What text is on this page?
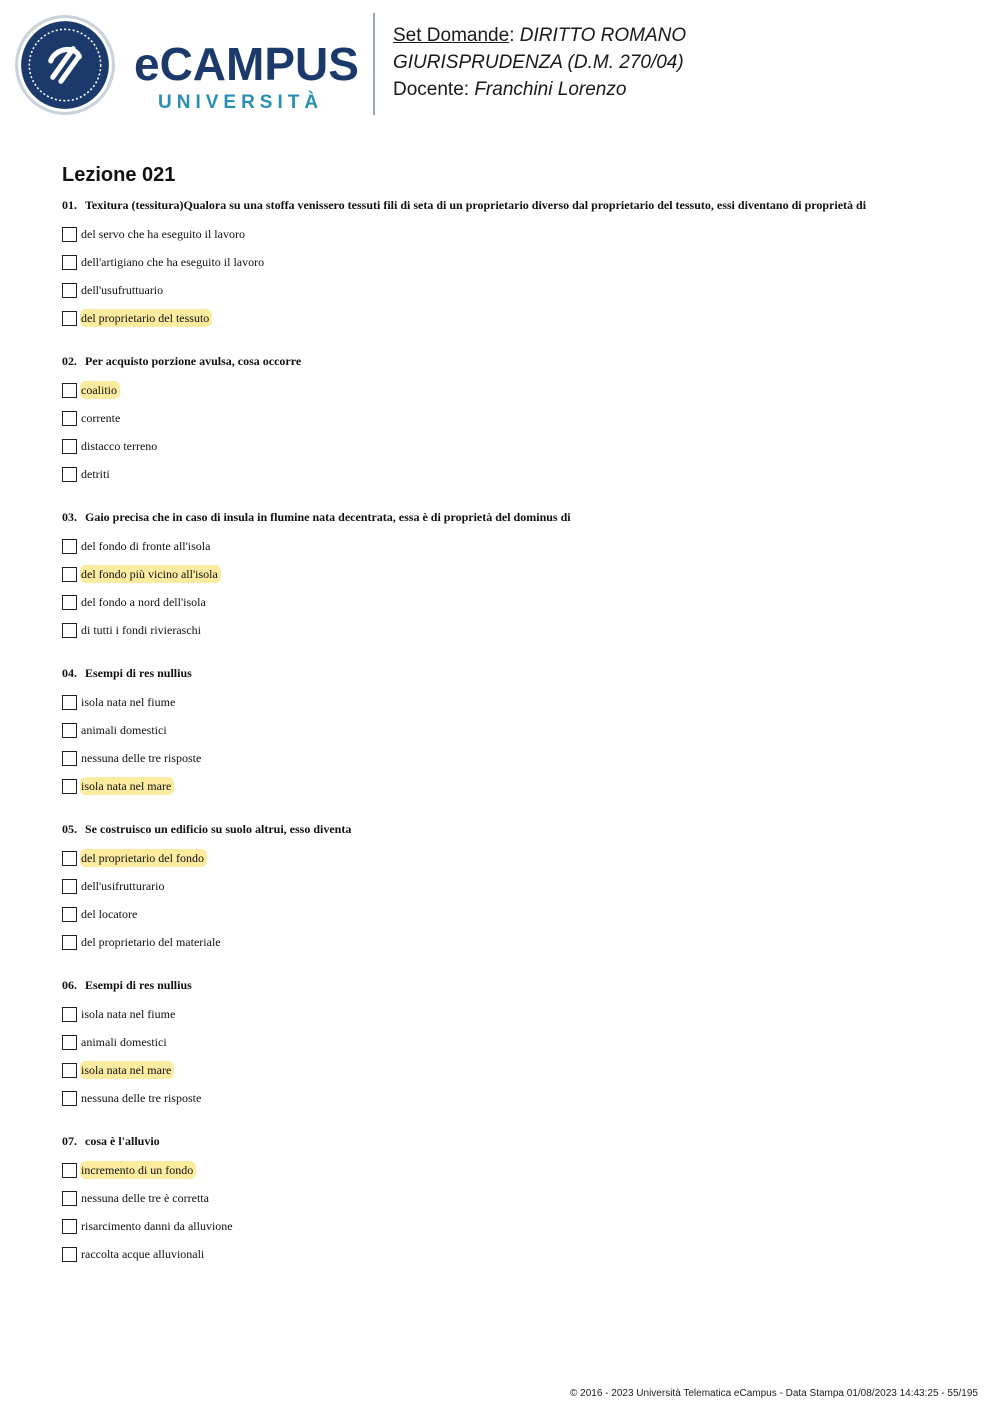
eCAMPUS
UNIVERSITÀ
Set Domande: DIRITTO ROMANO
GIURISPRUDENZA (D.M. 270/04)
Docente: Franchini Lorenzo
Lezione 021
01. Texitura (tessitura)Qualora su una stoffa venissero tessuti fili di seta di un proprietario diverso dal proprietario del tessuto, essi diventano di proprietà di
del servo che ha eseguito il lavoro
dell'artigiano che ha eseguito il lavoro
dell'usufruttuario
del proprietario del tessuto
02. Per acquisto porzione avulsa, cosa occorre
coalitio
corrente
distacco terreno
detriti
03. Gaio precisa che in caso di insula in flumine nata decentrata, essa è di proprietà del dominus di
del fondo di fronte all'isola
del fondo più vicino all'isola
del fondo a nord dell'isola
di tutti i fondi rivieraschi
04. Esempi di res nullius
isola nata nel fiume
animali domestici
nessuna delle tre risposte
isola nata nel mare
05. Se costruisco un edificio su suolo altrui, esso diventa
del proprietario del fondo
dell'usifrutturario
del locatore
del proprietario del materiale
06. Esempi di res nullius
isola nata nel fiume
animali domestici
isola nata nel mare
nessuna delle tre risposte
07. cosa è l'alluvio
incremento di un fondo
nessuna delle tre è corretta
risarcimento danni da alluvione
raccolta acque alluvionali
© 2016 - 2023 Università Telematica eCampus - Data Stampa 01/08/2023 14:43:25 - 55/195
